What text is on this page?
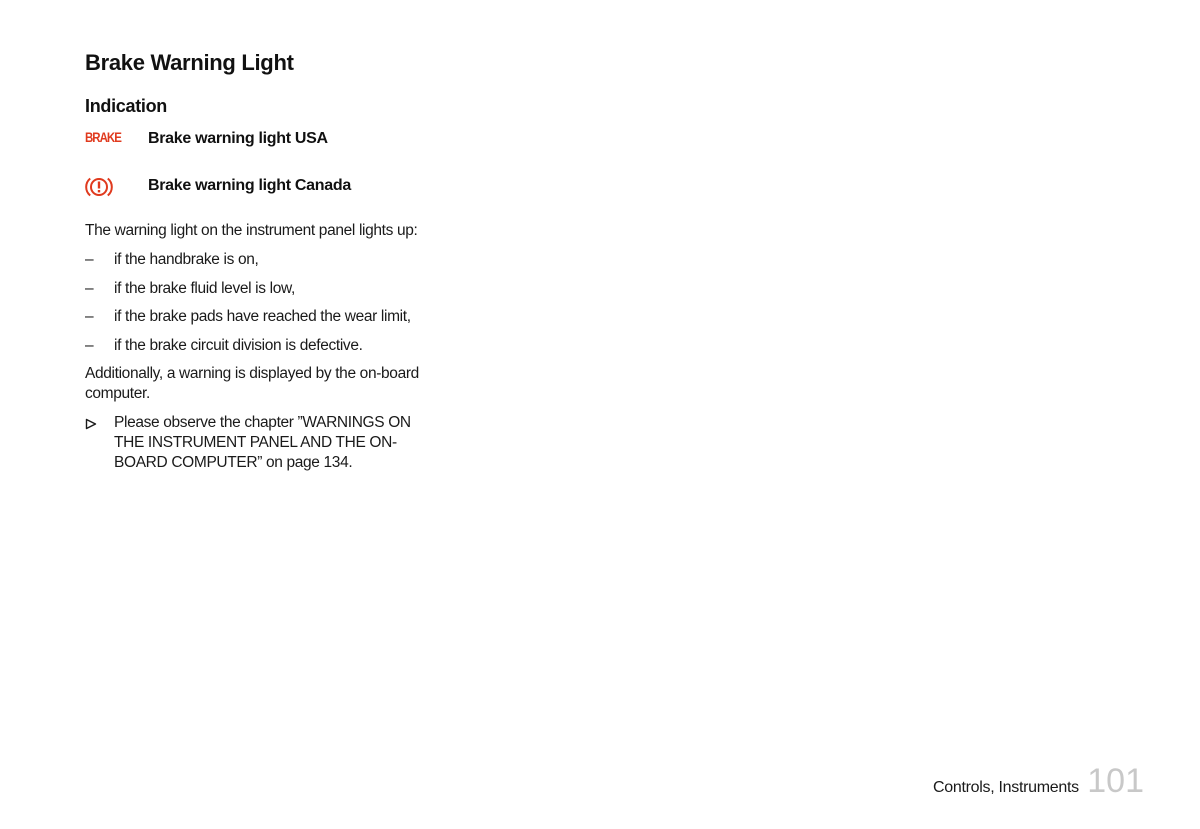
Brake Warning Light
Indication
BRAKE	Brake warning light USA
Brake warning light Canada

The warning light on the instrument panel lights up:

– if the handbrake is on,
– if the brake fluid level is low,
– if the brake pads have reached the wear limit,
– if the brake circuit division is defective.

Additionally, a warning is displayed by the on-board computer.

Please observe the chapter ”WARNINGS ON THE INSTRUMENT PANEL AND THE ON-BOARD COMPUTER” on page 134.
Controls, Instruments 101
